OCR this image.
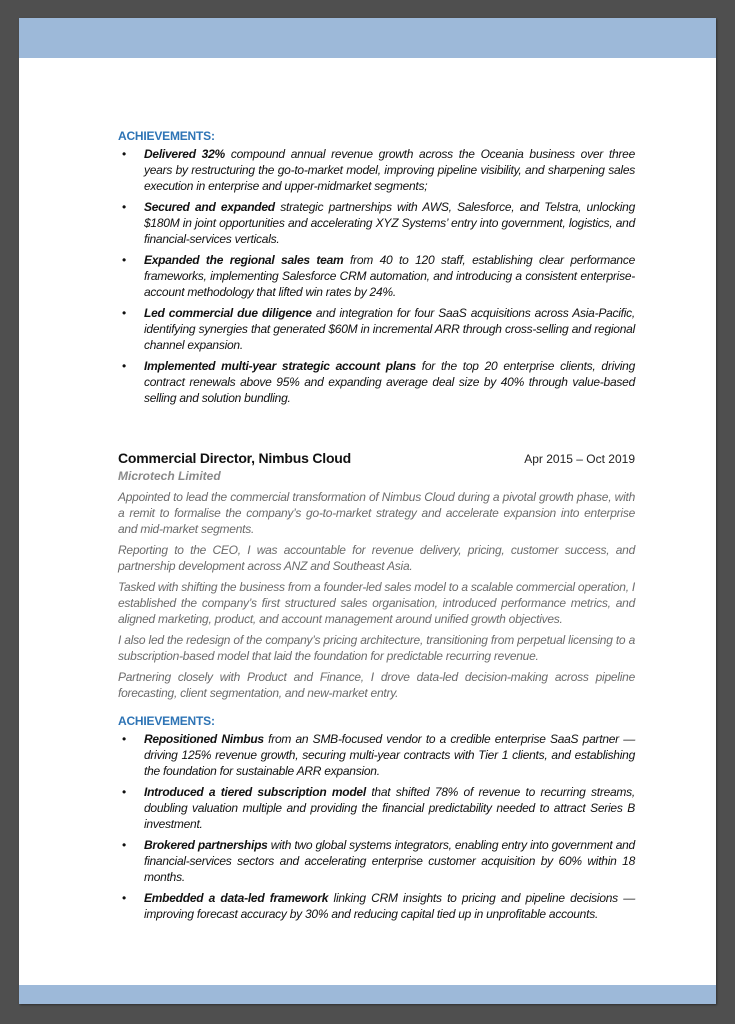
ACHIEVEMENTS:
• Delivered 32% compound annual revenue growth across the Oceania business over three years by restructuring the go-to-market model, improving pipeline visibility, and sharpening sales execution in enterprise and upper-midmarket segments;
• Secured and expanded strategic partnerships with AWS, Salesforce, and Telstra, unlocking $180M in joint opportunities and accelerating XYZ Systems’ entry into government, logistics, and financial-services verticals.
• Expanded the regional sales team from 40 to 120 staff, establishing clear performance frameworks, implementing Salesforce CRM automation, and introducing a consistent enterprise-account methodology that lifted win rates by 24%.
• Led commercial due diligence and integration for four SaaS acquisitions across Asia-Pacific, identifying synergies that generated $60M in incremental ARR through cross-selling and regional channel expansion.
• Implemented multi-year strategic account plans for the top 20 enterprise clients, driving contract renewals above 95% and expanding average deal size by 40% through value-based selling and solution bundling.
Commercial Director, Nimbus Cloud	Apr 2015 – Oct 2019
Microtech Limited

Appointed to lead the commercial transformation of Nimbus Cloud during a pivotal growth phase, with a remit to formalise the company’s go-to-market strategy and accelerate expansion into enterprise and mid-market segments.

Reporting to the CEO, I was accountable for revenue delivery, pricing, customer success, and partnership development across ANZ and Southeast Asia.

Tasked with shifting the business from a founder-led sales model to a scalable commercial operation, I established the company’s first structured sales organisation, introduced performance metrics, and aligned marketing, product, and account management around unified growth objectives.

I also led the redesign of the company’s pricing architecture, transitioning from perpetual licensing to a subscription-based model that laid the foundation for predictable recurring revenue.

Partnering closely with Product and Finance, I drove data-led decision-making across pipeline forecasting, client segmentation, and new-market entry.

ACHIEVEMENTS:
• Repositioned Nimbus from an SMB-focused vendor to a credible enterprise SaaS partner — driving 125% revenue growth, securing multi-year contracts with Tier 1 clients, and establishing the foundation for sustainable ARR expansion.
• Introduced a tiered subscription model that shifted 78% of revenue to recurring streams, doubling valuation multiple and providing the financial predictability needed to attract Series B investment.
• Brokered partnerships with two global systems integrators, enabling entry into government and financial-services sectors and accelerating enterprise customer acquisition by 60% within 18 months.
• Embedded a data-led framework linking CRM insights to pricing and pipeline decisions — improving forecast accuracy by 30% and reducing capital tied up in unprofitable accounts.
